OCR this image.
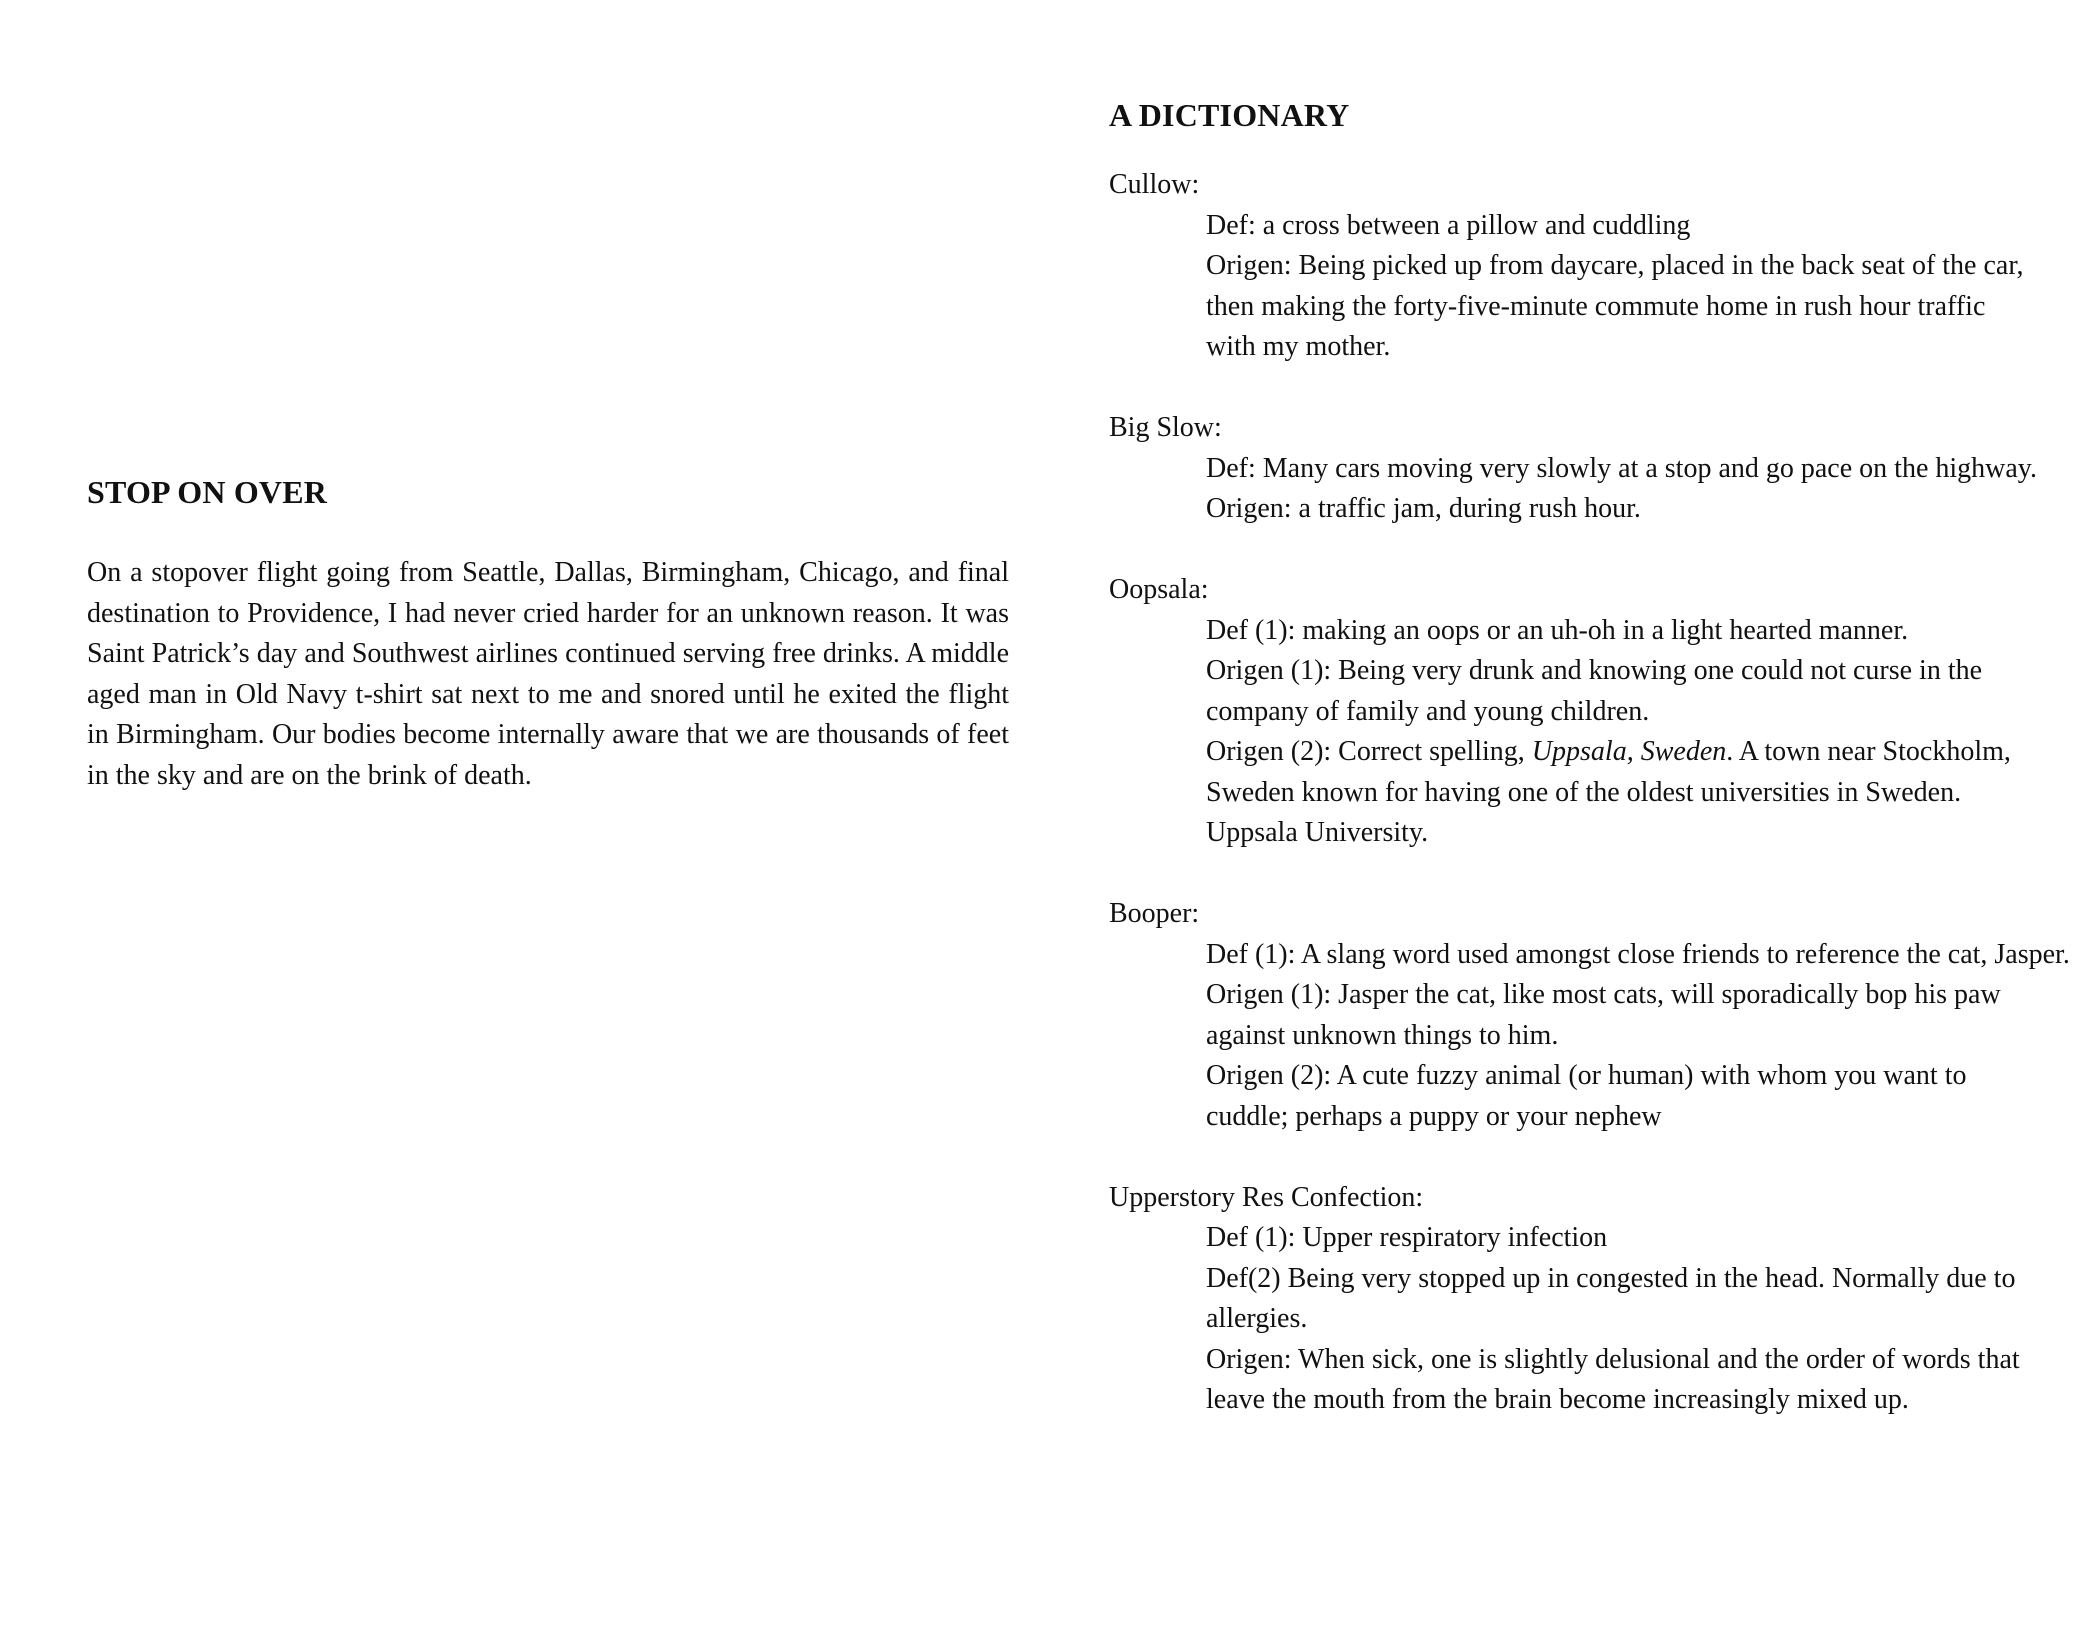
STOP ON OVER

On a stopover flight going from Seattle, Dallas, Birmingham, Chicago, and final destination to Providence, I had never cried harder for an unknown reason. It was Saint Patrick’s day and Southwest airlines continued serving free drinks. A middle aged man in Old Navy t-shirt sat next to me and snored until he exited the flight in Birmingham. Our bodies become internally aware that we are thousands of feet in the sky and are on the brink of death.

A DICTIONARY

Cullow:

Def: a cross between a pillow and cuddling

Origen: Being picked up from daycare, placed in the back seat of the car, then making the forty-five-minute commute home in rush hour traffic with my mother.

Big Slow:

Def: Many cars moving very slowly at a stop and go pace on the highway.

Origen: a traffic jam, during rush hour.

Oopsala:

Def (1): making an oops or an uh-oh in a light hearted manner.

Origen (1): Being very drunk and knowing one could not curse in the company of family and young children.

Origen (2): Correct spelling, Uppsala, Sweden. A town near Stockholm, Sweden known for having one of the oldest universities in Sweden. Uppsala University.

Booper:

Def (1): A slang word used amongst close friends to reference the cat, Jasper.

Origen (1): Jasper the cat, like most cats, will sporadically bop his paw against unknown things to him.

Origen (2): A cute fuzzy animal (or human) with whom you want to cuddle; perhaps a puppy or your nephew

Upperstory Res Confection:

Def (1): Upper respiratory infection

Def(2) Being very stopped up in congested in the head. Normally due to allergies.

Origen: When sick, one is slightly delusional and the order of words that leave the mouth from the brain become increasingly mixed up.
